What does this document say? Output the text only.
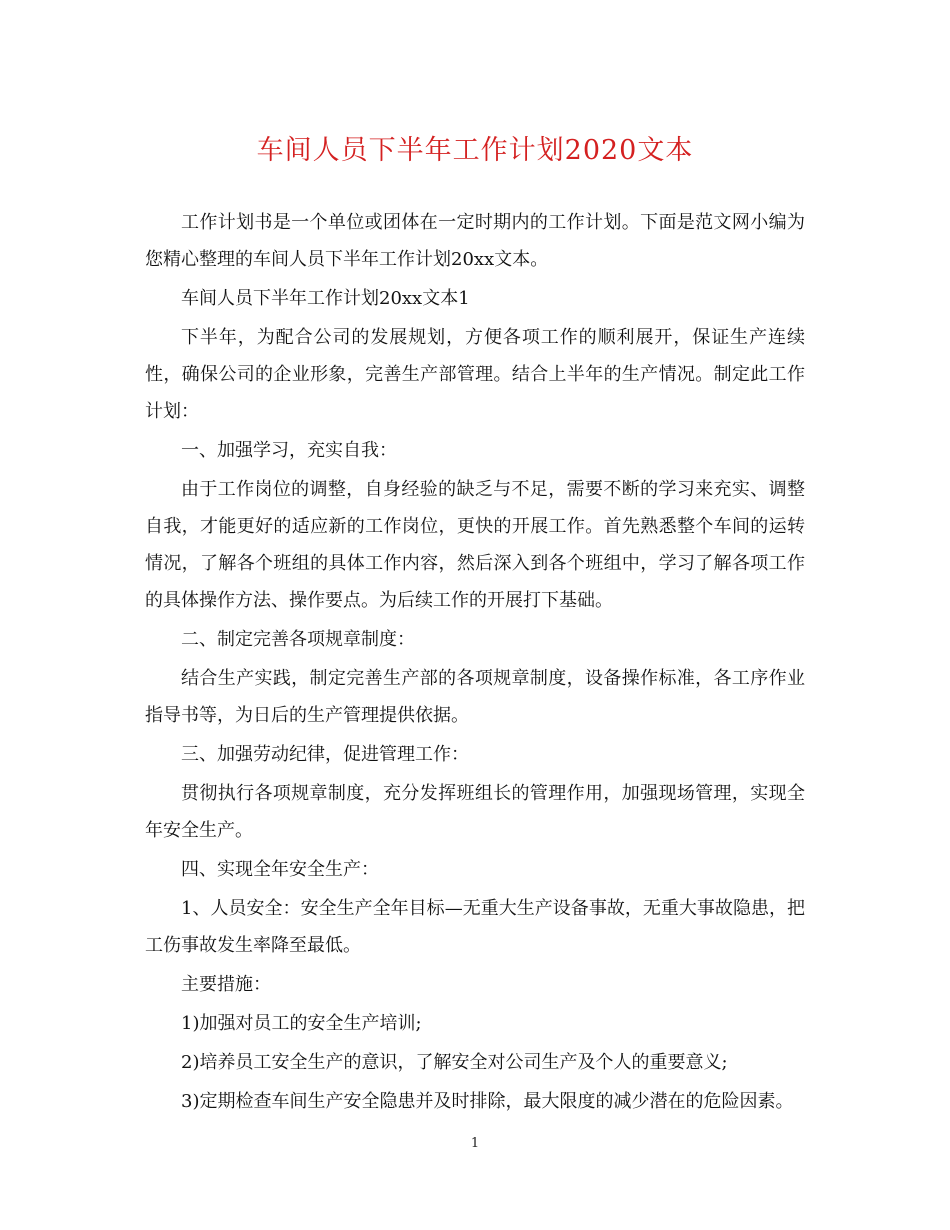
车间人员下半年工作计划2020文本

工作计划书是一个单位或团体在一定时期内的工作计划。下面是范文网小编为您精心整理的车间人员下半年工作计划20xx文本。

车间人员下半年工作计划20xx文本1

下半年，为配合公司的发展规划，方便各项工作的顺利展开，保证生产连续性，确保公司的企业形象，完善生产部管理。结合上半年的生产情况。制定此工作计划：

一、加强学习，充实自我：

由于工作岗位的调整，自身经验的缺乏与不足，需要不断的学习来充实、调整自我，才能更好的适应新的工作岗位，更快的开展工作。首先熟悉整个车间的运转情况，了解各个班组的具体工作内容，然后深入到各个班组中，学习了解各项工作的具体操作方法、操作要点。为后续工作的开展打下基础。

二、制定完善各项规章制度：

结合生产实践，制定完善生产部的各项规章制度，设备操作标准，各工序作业指导书等，为日后的生产管理提供依据。

三、加强劳动纪律，促进管理工作：

贯彻执行各项规章制度，充分发挥班组长的管理作用，加强现场管理，实现全年安全生产。

四、实现全年安全生产：

1、人员安全：安全生产全年目标—无重大生产设备事故，无重大事故隐患，把工伤事故发生率降至最低。

主要措施：

1)加强对员工的安全生产培训;

2)培养员工安全生产的意识，了解安全对公司生产及个人的重要意义;

3)定期检查车间生产安全隐患并及时排除，最大限度的减少潜在的危险因素。

1
